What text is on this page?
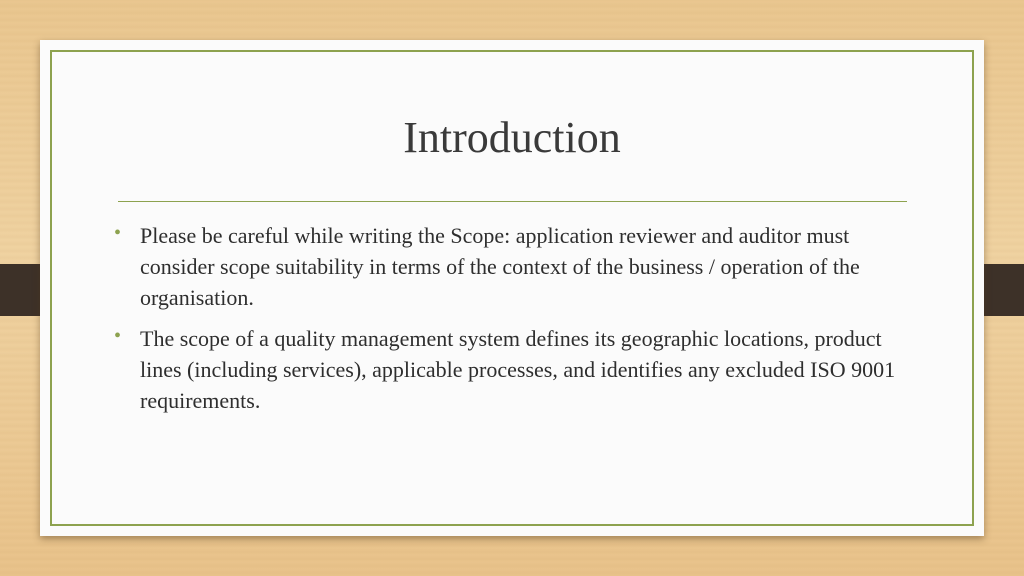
Introduction
• Please be careful while writing the Scope: application reviewer and auditor must consider scope suitability in terms of the context of the business / operation of the organisation.
• The scope of a quality management system defines its geographic locations, product lines (including services), applicable processes, and identifies any excluded ISO 9001 requirements.
